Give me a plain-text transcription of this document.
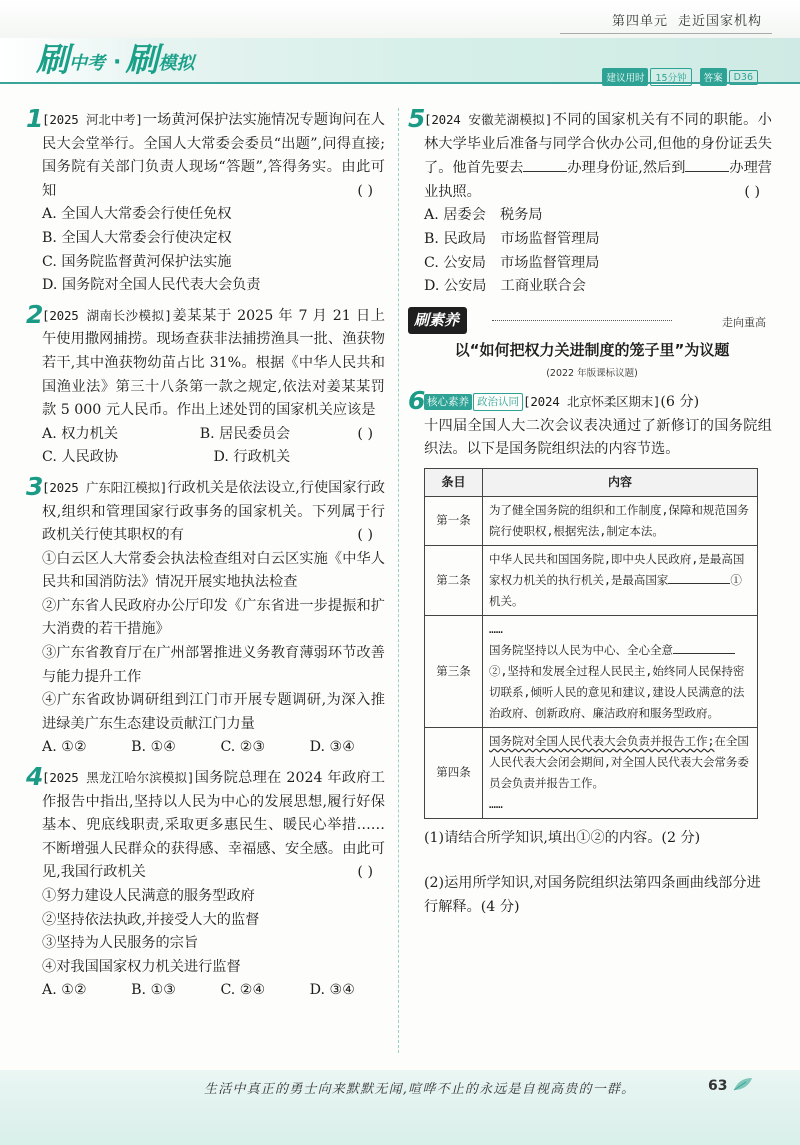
刷 中考 · 刷 模拟
第四单元 走近国家机构
建议用时	15分钟	答案	D36
1
[2025 河北中考]一场黄河保护法实施情况专题询问在人民大会堂举行。全国人大常委会委员“出题”,问得直接;国务院有关部门负责人现场“答题”,答得务实。由此可知	( )
A. 全国人大常委会行使任免权
B. 全国人大常委会行使决定权
C. 国务院监督黄河保护法实施
D. 国务院对全国人民代表大会负责
2
[2025 湖南长沙模拟]姜某某于 2025 年 7 月 21 日上午使用撒网捕捞。现场查获非法捕捞渔具一批、渔获物若干,其中渔获物幼苗占比 31%。根据《中华人民共和国渔业法》第三十八条第一款之规定,依法对姜某某罚款 5 000 元人民币。作出上述处罚的国家机关应该是
( )
A. 权力机关	B. 居民委员会
C. 人民政协	D. 行政机关
3
[2025 广东阳江模拟]行政机关是依法设立,行使国家行政权,组织和管理国家行政事务的国家机关。下列属于行政机关行使其职权的有	( )
①白云区人大常委会执法检查组对白云区实施《中华人民共和国消防法》情况开展实地执法检查
②广东省人民政府办公厅印发《广东省进一步提振和扩大消费的若干措施》
③广东省教育厅在广州部署推进义务教育薄弱环节改善与能力提升工作
④广东省政协调研组到江门市开展专题调研,为深入推进绿美广东生态建设贡献江门力量
A. ①②	B. ①④	C. ②③	D. ③④
4
[2025 黑龙江哈尔滨模拟]国务院总理在 2024 年政府工作报告中指出,坚持以人民为中心的发展思想,履行好保基本、兜底线职责,采取更多惠民生、暖民心举措……不断增强人民群众的获得感、幸福感、安全感。由此可见,我国行政机关	( )
①努力建设人民满意的服务型政府
②坚持依法执政,并接受人大的监督
③坚持为人民服务的宗旨
④对我国国家权力机关进行监督
A. ①②	B. ①③	C. ②④	D. ③④
5
[2024 安徽芜湖模拟]不同的国家机关有不同的职能。小林大学毕业后准备与同学合伙办公司,但他的身份证丢失了。他首先要去	办理身份证,然后到	办理营业执照。	( )
A. 居委会　税务局
B. 民政局　市场监督管理局
C. 公安局　市场监督管理局
D. 公安局　工商业联合会
刷素养	走向重高
以“如何把权力关进制度的笼子里”为议题
(2022 年版课标议题)
6 核心素养 政治认同 [2024 北京怀柔区期末](6 分)
十四届全国人大二次会议表决通过了新修订的国务院组织法。以下是国务院组织法的内容节选。
条目	内容
第一条	为了健全国务院的组织和工作制度,保障和规范国务院行使职权,根据宪法,制定本法。
第二条	中华人民共和国国务院,即中央人民政府,是最高国家权力机关的执行机关,是最高国家 ①机关。
第三条	……
国务院坚持以人民为中心、全心全意②,坚持和发展全过程人民民主,始终同人民保持密切联系,倾听人民的意见和建议,建设人民满意的法治政府、创新政府、廉洁政府和服务型政府。
第四条	国务院对全国人民代表大会负责并报告工作;在全国人民代表大会闭会期间,对全国人民代表大会常务委员会负责并报告工作。
……
(1)请结合所学知识,填出①②的内容。(2 分)
(2)运用所学知识,对国务院组织法第四条画曲线部分进行解释。(4 分)
生活中真正的勇士向来默默无闻,喧哗不止的永远是自视高贵的一群。	63
